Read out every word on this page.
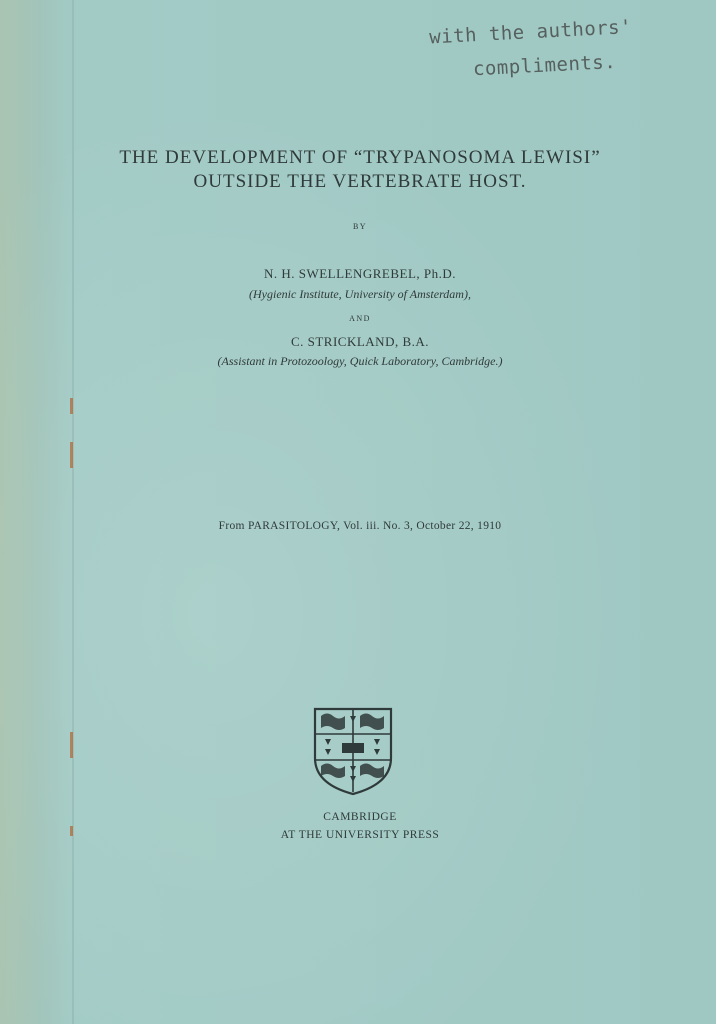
with the authors'
compliments.
THE DEVELOPMENT OF “TRYPANOSOMA LEWISI”
OUTSIDE THE VERTEBRATE HOST.
BY
N. H. SWELLENGREBEL, Ph.D.
(Hygienic Institute, University of Amsterdam),
AND
C. STRICKLAND, B.A.
(Assistant in Protozoology, Quick Laboratory, Cambridge.)
From PARASITOLOGY, Vol. iii. No. 3, October 22, 1910
CAMBRIDGE
AT THE UNIVERSITY PRESS
